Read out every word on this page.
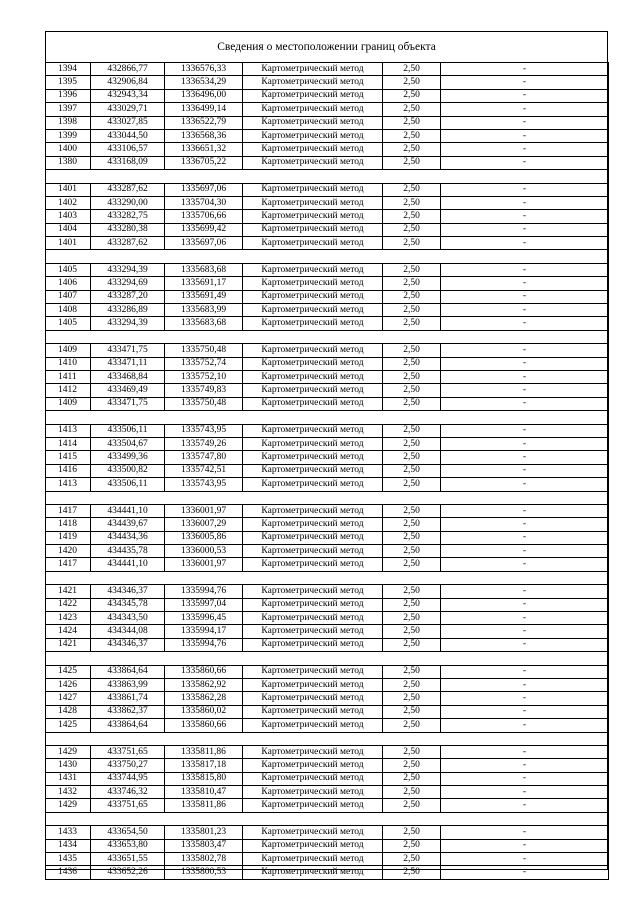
Сведения о местоположении границ объекта
1394	432866,77	1336576,33	Картометрический метод	2,50	-
1395	432906,84	1336534,29	Картометрический метод	2,50	-
1396	432943,34	1336496,00	Картометрический метод	2,50	-
1397	433029,71	1336499,14	Картометрический метод	2,50	-
1398	433027,85	1336522,79	Картометрический метод	2,50	-
1399	433044,50	1336568,36	Картометрический метод	2,50	-
1400	433106,57	1336651,32	Картометрический метод	2,50	-
1380	433168,09	1336705,22	Картометрический метод	2,50	-

1401	433287,62	1335697,06	Картометрический метод	2,50	-
1402	433290,00	1335704,30	Картометрический метод	2,50	-
1403	433282,75	1335706,66	Картометрический метод	2,50	-
1404	433280,38	1335699,42	Картометрический метод	2,50	-
1401	433287,62	1335697,06	Картометрический метод	2,50	-

1405	433294,39	1335683,68	Картометрический метод	2,50	-
1406	433294,69	1335691,17	Картометрический метод	2,50	-
1407	433287,20	1335691,49	Картометрический метод	2,50	-
1408	433286,89	1335683,99	Картометрический метод	2,50	-
1405	433294,39	1335683,68	Картометрический метод	2,50	-

1409	433471,75	1335750,48	Картометрический метод	2,50	-
1410	433471,11	1335752,74	Картометрический метод	2,50	-
1411	433468,84	1335752,10	Картометрический метод	2,50	-
1412	433469,49	1335749,83	Картометрический метод	2,50	-
1409	433471,75	1335750,48	Картометрический метод	2,50	-

1413	433506,11	1335743,95	Картометрический метод	2,50	-
1414	433504,67	1335749,26	Картометрический метод	2,50	-
1415	433499,36	1335747,80	Картометрический метод	2,50	-
1416	433500,82	1335742,51	Картометрический метод	2,50	-
1413	433506,11	1335743,95	Картометрический метод	2,50	-

1417	434441,10	1336001,97	Картометрический метод	2,50	-
1418	434439,67	1336007,29	Картометрический метод	2,50	-
1419	434434,36	1336005,86	Картометрический метод	2,50	-
1420	434435,78	1336000,53	Картометрический метод	2,50	-
1417	434441,10	1336001,97	Картометрический метод	2,50	-

1421	434346,37	1335994,76	Картометрический метод	2,50	-
1422	434345,78	1335997,04	Картометрический метод	2,50	-
1423	434343,50	1335996,45	Картометрический метод	2,50	-
1424	434344,08	1335994,17	Картометрический метод	2,50	-
1421	434346,37	1335994,76	Картометрический метод	2,50	-

1425	433864,64	1335860,66	Картометрический метод	2,50	-
1426	433863,99	1335862,92	Картометрический метод	2,50	-
1427	433861,74	1335862,28	Картометрический метод	2,50	-
1428	433862,37	1335860,02	Картометрический метод	2,50	-
1425	433864,64	1335860,66	Картометрический метод	2,50	-

1429	433751,65	1335811,86	Картометрический метод	2,50	-
1430	433750,27	1335817,18	Картометрический метод	2,50	-
1431	433744,95	1335815,80	Картометрический метод	2,50	-
1432	433746,32	1335810,47	Картометрический метод	2,50	-
1429	433751,65	1335811,86	Картометрический метод	2,50	-

1433	433654,50	1335801,23	Картометрический метод	2,50	-
1434	433653,80	1335803,47	Картометрический метод	2,50	-
1435	433651,55	1335802,78	Картометрический метод	2,50	-
1436	433652,26	1335800,53	Картометрический метод	2,50	-
